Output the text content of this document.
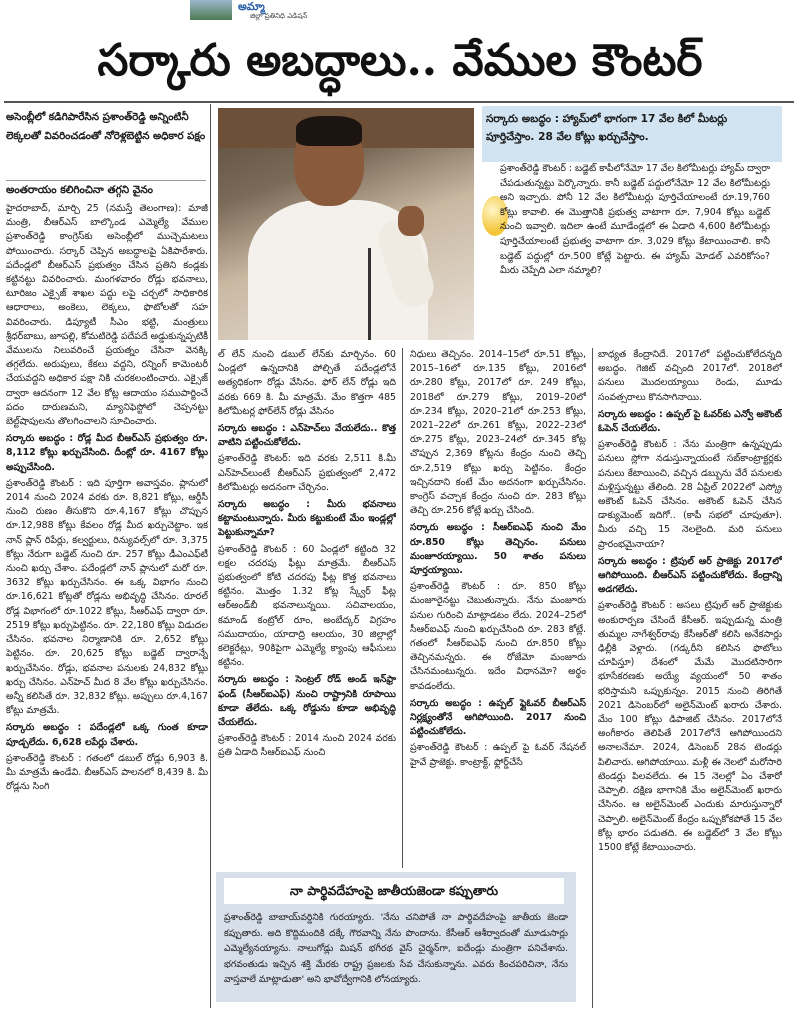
అమ్మా
జిల్లా ప్రతినిధి ఎడిషన్
సర్కారు అబద్ధాలు.. వేముల కౌంటర్
అసెంబ్లీలో కడిగిపారేసిన ప్రశాంత్‌రెడ్డి అన్నింటినీ లెక్కలతో వివరించడంతో నోరెళ్లబెట్టిన అధికార పక్షం
అంతరాయం కలిగించినా తగ్గని వైనం

హైదరాబాద్, మార్చి 25 (నమస్తే తెలంగాణ): మాజీ మంత్రి, బీఆర్‌ఎస్ బాల్కొండ ఎమ్మెల్యే వేముల ప్రశాంత్‌రెడ్డి కాంగ్రెస్‌కు అసెంబ్లీలో ముచ్చెమటలు పోయించారు. సర్కార్ చెప్పిన అబద్ధాలపై ఏకిపారేశారు. పదేండ్లలో బీఆర్‌ఎస్ ప్రభుత్వం చేసిన ప్రతిని కండ్లకు కట్టినట్టు వివరించారు. మంగళవారం రోడ్లు భవనాలు, టూరిజం ఎక్సైజ్ శాఖల పద్దు లపై చర్చలో సాధికారిక ఆధారాలు, అంకెలు, లెక్కలు, ఫొటోలతో సహ వివరించారు. డిప్యూటీ సీఎం భట్టి, మంత్రులు శ్రీధర్‌బాబు, జూపల్లి, కోమటిరెడ్డి పదేపదే అడ్డుకున్నప్పటికీ వేములను నిలువరించే ప్రయత్నం చేసినా వెనక్కి తగ్గలేదు. అరుపులు, కేకలు వద్దని, రన్నింగ్ కామెంటరీ చేయవద్దని అధికార పక్షా నికి చురకలంటించారు. ఎక్సైజ్ ద్వారా ఆదనంగా 12 వేల కోట్ల ఆదాయం సముపార్జించే పదం దారుణమని, మ్యానిఫెస్టోలో చెప్పనట్టు బెల్ట్‌షాపులను తొలగించాలని సూచించారు.

సర్కారు అబద్ధం : రోడ్ల మీద బీఆర్‌ఎస్ ప్రభుత్వం రూ. 8,112 కోట్లు ఖర్చుచేసింది. దీంట్లో రూ. 4167 కోట్లు అప్పుచేసింది.

ప్రశాంత్‌రెడ్డి కౌంటర్ : ఇది పూర్తిగా అవాస్తవం. ప్లానులో 2014 నుంచి 2024 వరకు రూ. 8,821 కోట్లు, ఆర్డీసీ నుంచి రుణం తీసుకొని రూ.4,167 కోట్లు చొప్పున రూ.12,988 కోట్లు కేవలం రోడ్ల మీద ఖర్చుచెట్టాం. ఇక నాన్ ప్లాన్ రిపేర్లు, కల్వర్టులు, రిన్యువల్స్‌లో రూ. 3,375 కోట్లు నేరుగా బడ్జెట్ నుంచి రూ. 257 కోట్లు డీఎంఎఫ్‌టీ నుంచి ఖర్చు చేశాం. పదేండ్లలో నాన్ ప్లానులో మరో రూ. 3632 కోట్లు ఖర్చుచేసినం. ఈ ఒక్క విభాగం నుంచి రూ.16,621 కోట్లతో రోడ్లను అభివృద్ధి చేసినం. రూరల్ రోడ్ల విభాగంలో రూ.1022 కోట్లు, సీఆర్‌ఎఫ్ ద్వారా రూ. 2519 కోట్లు ఖర్చుపెట్టినం. రూ. 22,180 కోట్లు విడుదల చేసినం. భవనాల నిర్మాణానికి రూ. 2,652 కోట్లు పెట్టినం. రూ. 20,625 కోట్లు బడ్జెట్ ద్వారాన్నే ఖర్చుచేసినం. రోడ్లు, భవనాల పనులకు 24,832 కోట్లు ఖర్చు చేసినం. ఎన్‌హెచ్ మీద 8 వేల కోట్లు ఖర్చుచేసినం. అన్నీ కలిసితే రూ. 32,832 కోట్లు. అప్పులు రూ.4,167 కోట్లు మాత్రమే.

సర్కారు అబద్ధం : పదేండ్లలో ఒక్క గుంత కూడా పూడ్చలేదు. 6,628 లపేర్లు చేశారు.

ప్రశాంత్‌రెడ్డి కౌంటర్ : గతంలో డబుల్ రోడ్లు 6,903 కి. మీ మాత్రమే ఉండేవి. బీఆర్‌ఎస్ పాలనలో 8,439 కి. మీ రోడ్లను సింగి

సర్కారు అబద్ధం : హ్యామ్‌లో భాగంగా 17 వేల కిలో మీటర్లు పూర్తిచేస్తాం. 28 వేల కోట్లు ఖర్చుచేస్తాం.
ప్రశాంత్‌రెడ్డి కౌంటర్ : బడ్జెట్ కాపీలోనేమో 17 వేల కిలోమీటర్లు హ్యామ్ ద్వారా చేపడుతున్నట్టు పెర్కొన్నారు. కానీ బడ్జెట్ పద్దులోనేమో 12 వేల కిలోమీటర్లు అని ఇచ్చారు. పోనీ 12 వేల కిలోమీటర్లు పూర్తిచేయాలంటే రూ.19,760 కోట్లు కావాలి. ఈ మొత్తానికి ప్రభుత్వ వాటాగా రూ. 7,904 కోట్లు బడ్జెట్ నుంచి ఇవ్వాలి. ఇదిలా ఉంటే మూడేండ్లలో ఈ ఏడాది 4,600 కిలోమీటర్లు పూర్తిచేయాలంటే ప్రభుత్వ వాటాగా రూ. 3,029 కోట్లు కేటాయించాలి. కానీ బడ్జెట్ పద్దుల్లో రూ.500 కోట్లే పెట్టారు. ఈ హ్యామ్ మోడల్ ఎవరికోసం? మీరు చెప్పేది ఎలా నమ్మాలి?

ల్ లేన్ నుంచి డబుల్ లేన్‌కు మార్చినం. 60 ఏండ్లలో ఉన్నదానికి పోల్చితే పదేండ్లలోనే అత్యధికంగా రోడ్లు వేసినం. ఫోర్ లేన్ రోడ్లు ఇది వరకు 669 కి. మీ మాత్రమే. మేం కొత్తగా 485 కిలోమీటర్ల ఫోర్‌లేన్ రోడ్లు వేసినం

సర్కారు అబద్ధం : ఎన్‌హెచ్‌లు వేయలేదు.. కొత్త వాటిని పట్టించుకోలేదు.

ప్రశాంత్‌రెడ్డి కౌంటర్: ఇది వరకు 2,511 కి.మీ ఎన్‌హెచ్‌లుంటే బీఆర్‌ఎస్ ప్రభుత్వంలో 2,472 కిలోమీటర్లు అదనంగా చేర్చినం.

సర్కారు అబద్ధం : మీరు భవనాలు కట్టామంటున్నారు. మీరు కట్టుకుంటే మేం ఇండ్లల్లో పెట్టుకున్నామా?

ప్రశాంత్‌రెడ్డి కౌంటర్ : 60 ఏండ్లలో కట్టింది 32 లక్షల చదరపు ఫీట్లు మాత్రమే. బీఆర్‌ఎస్ ప్రభుత్వంలో కోటి చదరపు ఫీట్ల కొత్త భవనాలు కట్టినం. మొత్తం 1.32 కోట్ల స్క్వేర్ ఫీట్ల ఆర్‌అండ్‌బీ భవనాలున్నయి. సచివాలయం, కమాండ్ కంట్రోల్ రూం, అంబేద్కర్ విగ్రహం సముదాయం, యాదాద్రి ఆలయం, 30 జిల్లాల్లో కలెక్టరేట్లు, 90కిపైగా ఎమ్మెల్యే క్యాంపు ఆఫీసులు కట్టినం.

సర్కారు అబద్ధం : సెంట్రల్ రోడ్ అండ్ ఇన్‌ఫ్రా ఫండ్ (సీఆర్‌ఐఎఫ్) నుంచి రాష్ట్రానికి రూపాయి కూడా తేలేదు. ఒక్క రోడ్డును కూడా అభివృద్ధి చేయలేదు.

ప్రశాంత్‌రెడ్డి కౌంటర్ : 2014 నుంచి 2024 వరకు ప్రతి ఏడాది సీఆర్‌ఐఎఫ్ నుంచి

నిధులు తెచ్చినం. 2014–15లో రూ.51 కోట్లు, 2015–16లో రూ.135 కోట్లు, 2016లో రూ.280 కోట్లు, 2017లో రూ. 249 కోట్లు, 2018లో రూ.279 కోట్లు, 2019–20లో రూ.234 కోట్లు, 2020–21లో రూ.253 కోట్లు, 2021–22లో రూ.261 కోట్లు, 2022–23లో రూ.275 కోట్లు, 2023–24లో రూ.345 కోట్ల చొప్పున 2,369 కోట్లను కేంద్రం నుంచి తెచ్చి రూ.2,519 కోట్లు ఖర్చు పెట్టినం. కేంద్రం ఇచ్చినదాని కంటే మేం అదనంగా ఖర్చుచేసినం. కాంగ్రెస్ వచ్చాక కేంద్రం నుంచి రూ. 283 కోట్లు తెచ్చి రూ.256 కోట్లే ఖర్చు చేసింది.

సర్కారు అబద్ధం : సీఆర్‌ఐఎఫ్ నుంచి మేం రూ.850 కోట్లు తెచ్చినం. పనులు మంజూరయ్యాయి. 50 శాతం పనులు పూర్తయ్యాయి.

ప్రశాంత్‌రెడ్డి కౌంటర్ : రూ. 850 కోట్లు మంజూరైనట్టు చెబుతున్నారు. నేను మంజూరు పనుల గురించి మాట్లాడటం లేదు. 2024–25లో సీఆర్‌ఐఎఫ్ నుంచి ఖర్చుచేసింది రూ. 283 కోట్లే. గతంలో సీఆర్‌ఐఎఫ్ నుంచి రూ.850 కోట్లు తెచ్చినమన్నరు. ఈ రోజేమో మంజూరు చేసినమంటున్నరు. ఇదేం విధానమో? అర్థం కావడంలేదు.

సర్కారు అబద్ధం : ఉప్పల్ ఫ్లైఓవర్ బీఆర్‌ఎస్ నిర్లక్ష్యంతోనే ఆగిపోయింది. 2017 నుంచి పట్టించుకోలేదు.

ప్రశాంత్‌రెడ్డి కౌంటర్ : ఉప్పల్ పై ఓవర్ నేషనల్ హైవే ప్రాజెక్టు. కాంట్రాక్ట్, ఫ్లోర్డ్‌చేసే

బాధ్యత కేంద్రానిదే. 2017లో పట్టించుకోలేదన్నది అబద్ధం. గెజిట్ వచ్చింది 2017లో. 2018లో పనులు మొదలయ్యాయి రెండు, మూడు సంవత్సరాలు కొనసాగినాయి.

సర్కారు అబద్ధం : ఉప్పల్ పై ఓవర్‌కు ఎన్వో అకౌంట్ ఓపెన్ చేయలేదు.

ప్రశాంత్‌రెడ్డి కౌంటర్ : నేను మంత్రిగా ఉన్నప్పుడు పనులు స్లోగా నడుస్తున్నాయంటే సబ్‌కాంట్రాక్టర్లకు పనులు కేటాయించి, వచ్చిన డబ్బును వేరే పనులకు మళ్లిస్తున్నట్టు తేలింది. 28 ఏప్రిల్ 2022లో ఎస్క్రో అకౌంట్ ఓపెన్ చేసినం. అకౌంట్ ఓపెన్ చేసిన డాక్యుమెంట్ ఇదిగో.. (కాపీ సభలో చూపుతూ). మీరు వచ్చి 15 నెలలైంది. మరి పనులు ప్రారంభమైనాయా?

సర్కారు అబద్ధం : ట్రిపుల్ ఆర్ ప్రాజెక్టు 2017లో ఆగిపోయింది. బీఆర్‌ఎస్ పట్టించుకోలేదు. కేంద్రాన్ని అడగలేదు.

ప్రశాంత్‌రెడ్డి కౌంటర్ : అసలు ట్రిపుల్ ఆర్ ప్రాజెక్టుకు అంకురార్పణ చేసిందే కేసీఆర్. ఇప్పుడున్న మంత్రి తుమ్మల నాగేశ్వర్‌రావు కేసీఆర్‌తో కలిసి అనేకసార్లు ఢిల్లీకి వెళ్లారు. (గడ్కరీని కలిసిన ఫొటోలు చూపిస్తూ) దేశంలో మేమే మొదటిసారిగా భూసేకరణకు అయ్యే వ్యయంలో 50 శాతం భరిస్తామని ఒప్పుకున్నం. 2015 నుంచి తిరిగితే 2021 డిసెంబర్‌లో అలైన్‌మెంట్ ఖరారు చేశారు. మేం 100 కోట్లు డిపాజిట్ చేసినం. 2017లోనే అంగీకారం తెలిపితే 2017లోనే ఆగిపోయిందని అనాలనేమా. 2024, డిసెంబర్ 28న టెండర్లు పిలిచారు. ఆగిపోయాయి. మళ్లీ ఈ నెలలో మరోసారి టెండర్లు పిలవలేదు. ఈ 15 నెలల్లో ఏం చేశారో చెప్పాలి. దక్షిణ భాగానికి మేం అలైన్‌మెంట్ ఖరారు చేసినం. ఆ అలైన్‌మెంట్ ఎందుకు మారుస్తున్నారో చెప్పాలి. అలైన్‌మెంట్ కేంద్రం ఒప్పుకోకపోతే 15 వేల కోట్ల భారం పడుతది. ఈ బడ్జెట్‌లో 3 వేల కోట్లు 1500 కోట్లే కేటాయించారు.

నా పార్థివదేహంపై జాతీయజెండా కప్పుతారు
ప్రశాంత్‌రెడ్డి బాబాయ్‌వర్డినికి గురయ్యారు. 'నేను చనిపోతే నా పార్థివదేహంపై జాతీయ జెండా కప్పుతారు. అది కొద్దిమందికి దక్కే గౌరవాన్ని నేను పొందాను. కేసీఆర్ ఆశీర్వాదంతో మూడుసార్లు ఎమ్మెల్యేనయ్యాను. నాలుగోడ్లు మిషన్ భగీరథ వైస్ చైర్మన్‌గా, ఐదేండ్లు మంత్రిగా పనిచేశాను. భగవంతుడు ఇచ్చిన శక్తి మేరకు రాష్ట్ర ప్రజలకు సేవ చేసుకున్నాను. ఎవరు కించపరిచినా, నేను వాస్తవాలే మాట్లాడుతా' అని భావోద్వేగానికి లోనయ్యారు.
